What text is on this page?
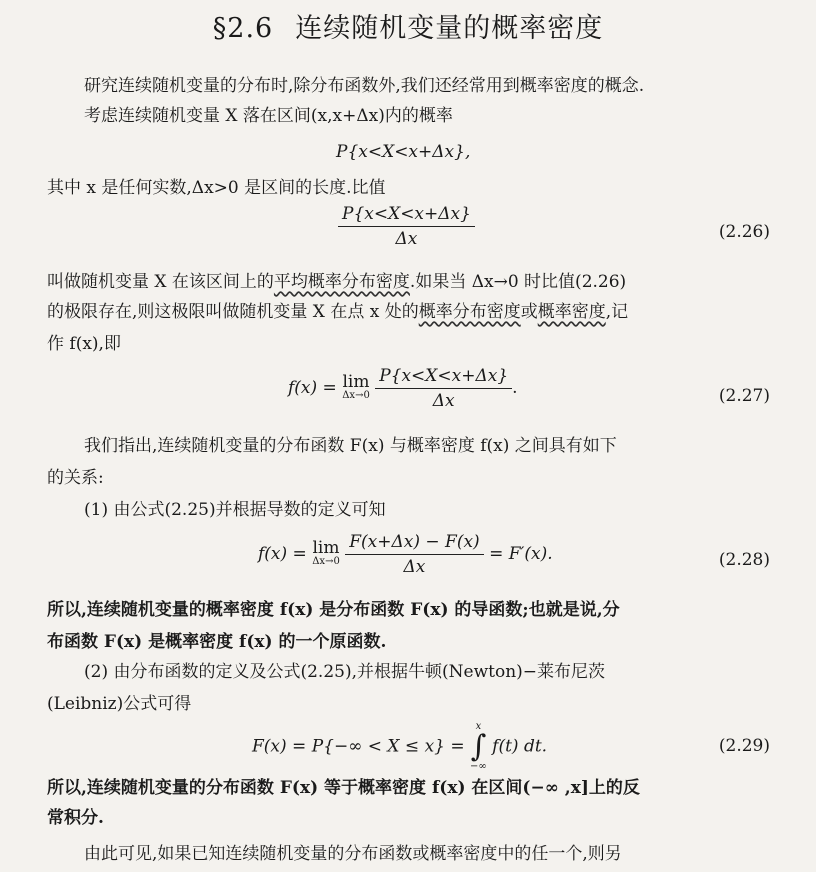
§2.6 连续随机变量的概率密度
研究连续随机变量的分布时,除分布函数外,我们还经常用到概率密度的概念.
考虑连续随机变量 X 落在区间(x,x+Δx)内的概率
P{x<X<x+Δx},
其中 x 是任何实数,Δx>0 是区间的长度.比值
$\frac{P\{x<X<x+\Delta x\}}{\Delta x}$	(2.26)
叫做随机变量 X 在该区间上的平均概率分布密度.如果当 Δx→0 时比值(2.26)
的极限存在,则这极限叫做随机变量 X 在点 x 处的概率分布密度或概率密度,记
作 f(x),即
f(x) = lim
Δx→0
$\frac{P\{x<X<x+\Delta x\}}{\Delta x}$ .	(2.27)
我们指出,连续随机变量的分布函数 F(x) 与概率密度 f(x) 之间具有如下
的关系:
(1) 由公式(2.25)并根据导数的定义可知
f(x) = lim
Δx→0
$\frac{F(x+\Delta x) - F(x)}{\Delta x} = F'(x)$.	(2.28)
所以,连续随机变量的概率密度 f(x) 是分布函数 F(x) 的导函数;也就是说,分
布函数 F(x) 是概率密度 f(x) 的一个原函数.
(2) 由分布函数的定义及公式(2.25),并根据牛顿(Newton)−莱布尼茨
(Leibniz)公式可得
F(x) = P{−∞ < X ≤ x} =
x
∫
−∞
f(t) dt.	(2.29)
所以,连续随机变量的分布函数 F(x) 等于概率密度 f(x) 在区间(−∞ ,x]上的反
常积分.
由此可见,如果已知连续随机变量的分布函数或概率密度中的任一个,则另
